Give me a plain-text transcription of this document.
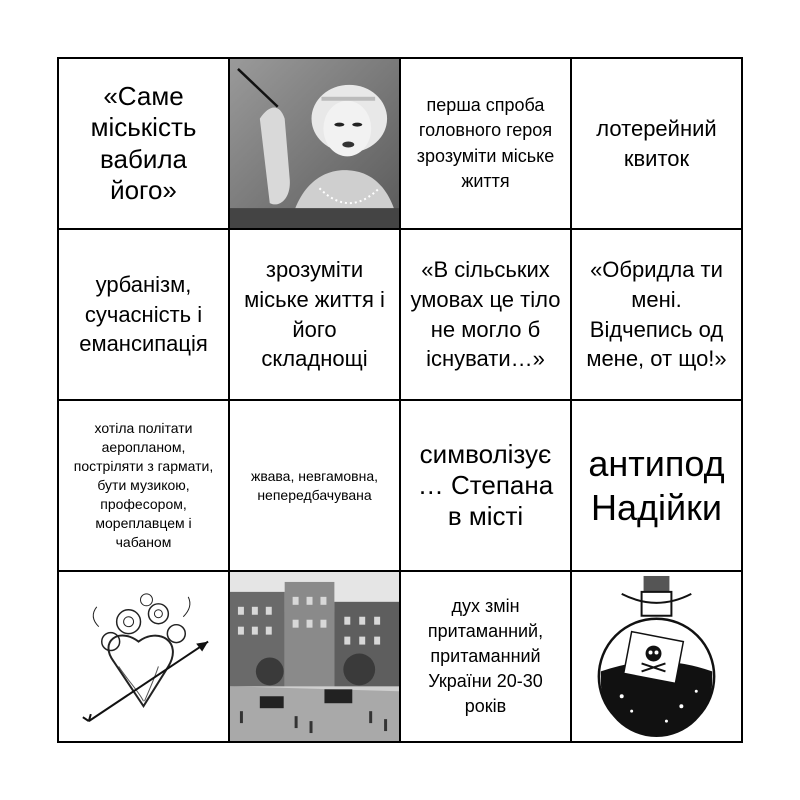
«Саме міськість вабила його»
перша спроба головного героя зрозуміти міське життя
лотерейний квиток
урбанізм, сучасність і емансипація
зрозуміти міське життя і його складнощі
«В сільських умовах це тіло не могло б існувати…»
«Обридла ти мені. Відчепись од мене, от що!»
хотіла політати аеропланом, постріляти з гармати, бути музикою, професором, мореплавцем і чабаном
жвава, невгамовна, непередбачувана
символізує … Степана в місті
антипод Надійки
дух змін притаманний, притаманний України 20-30 років
